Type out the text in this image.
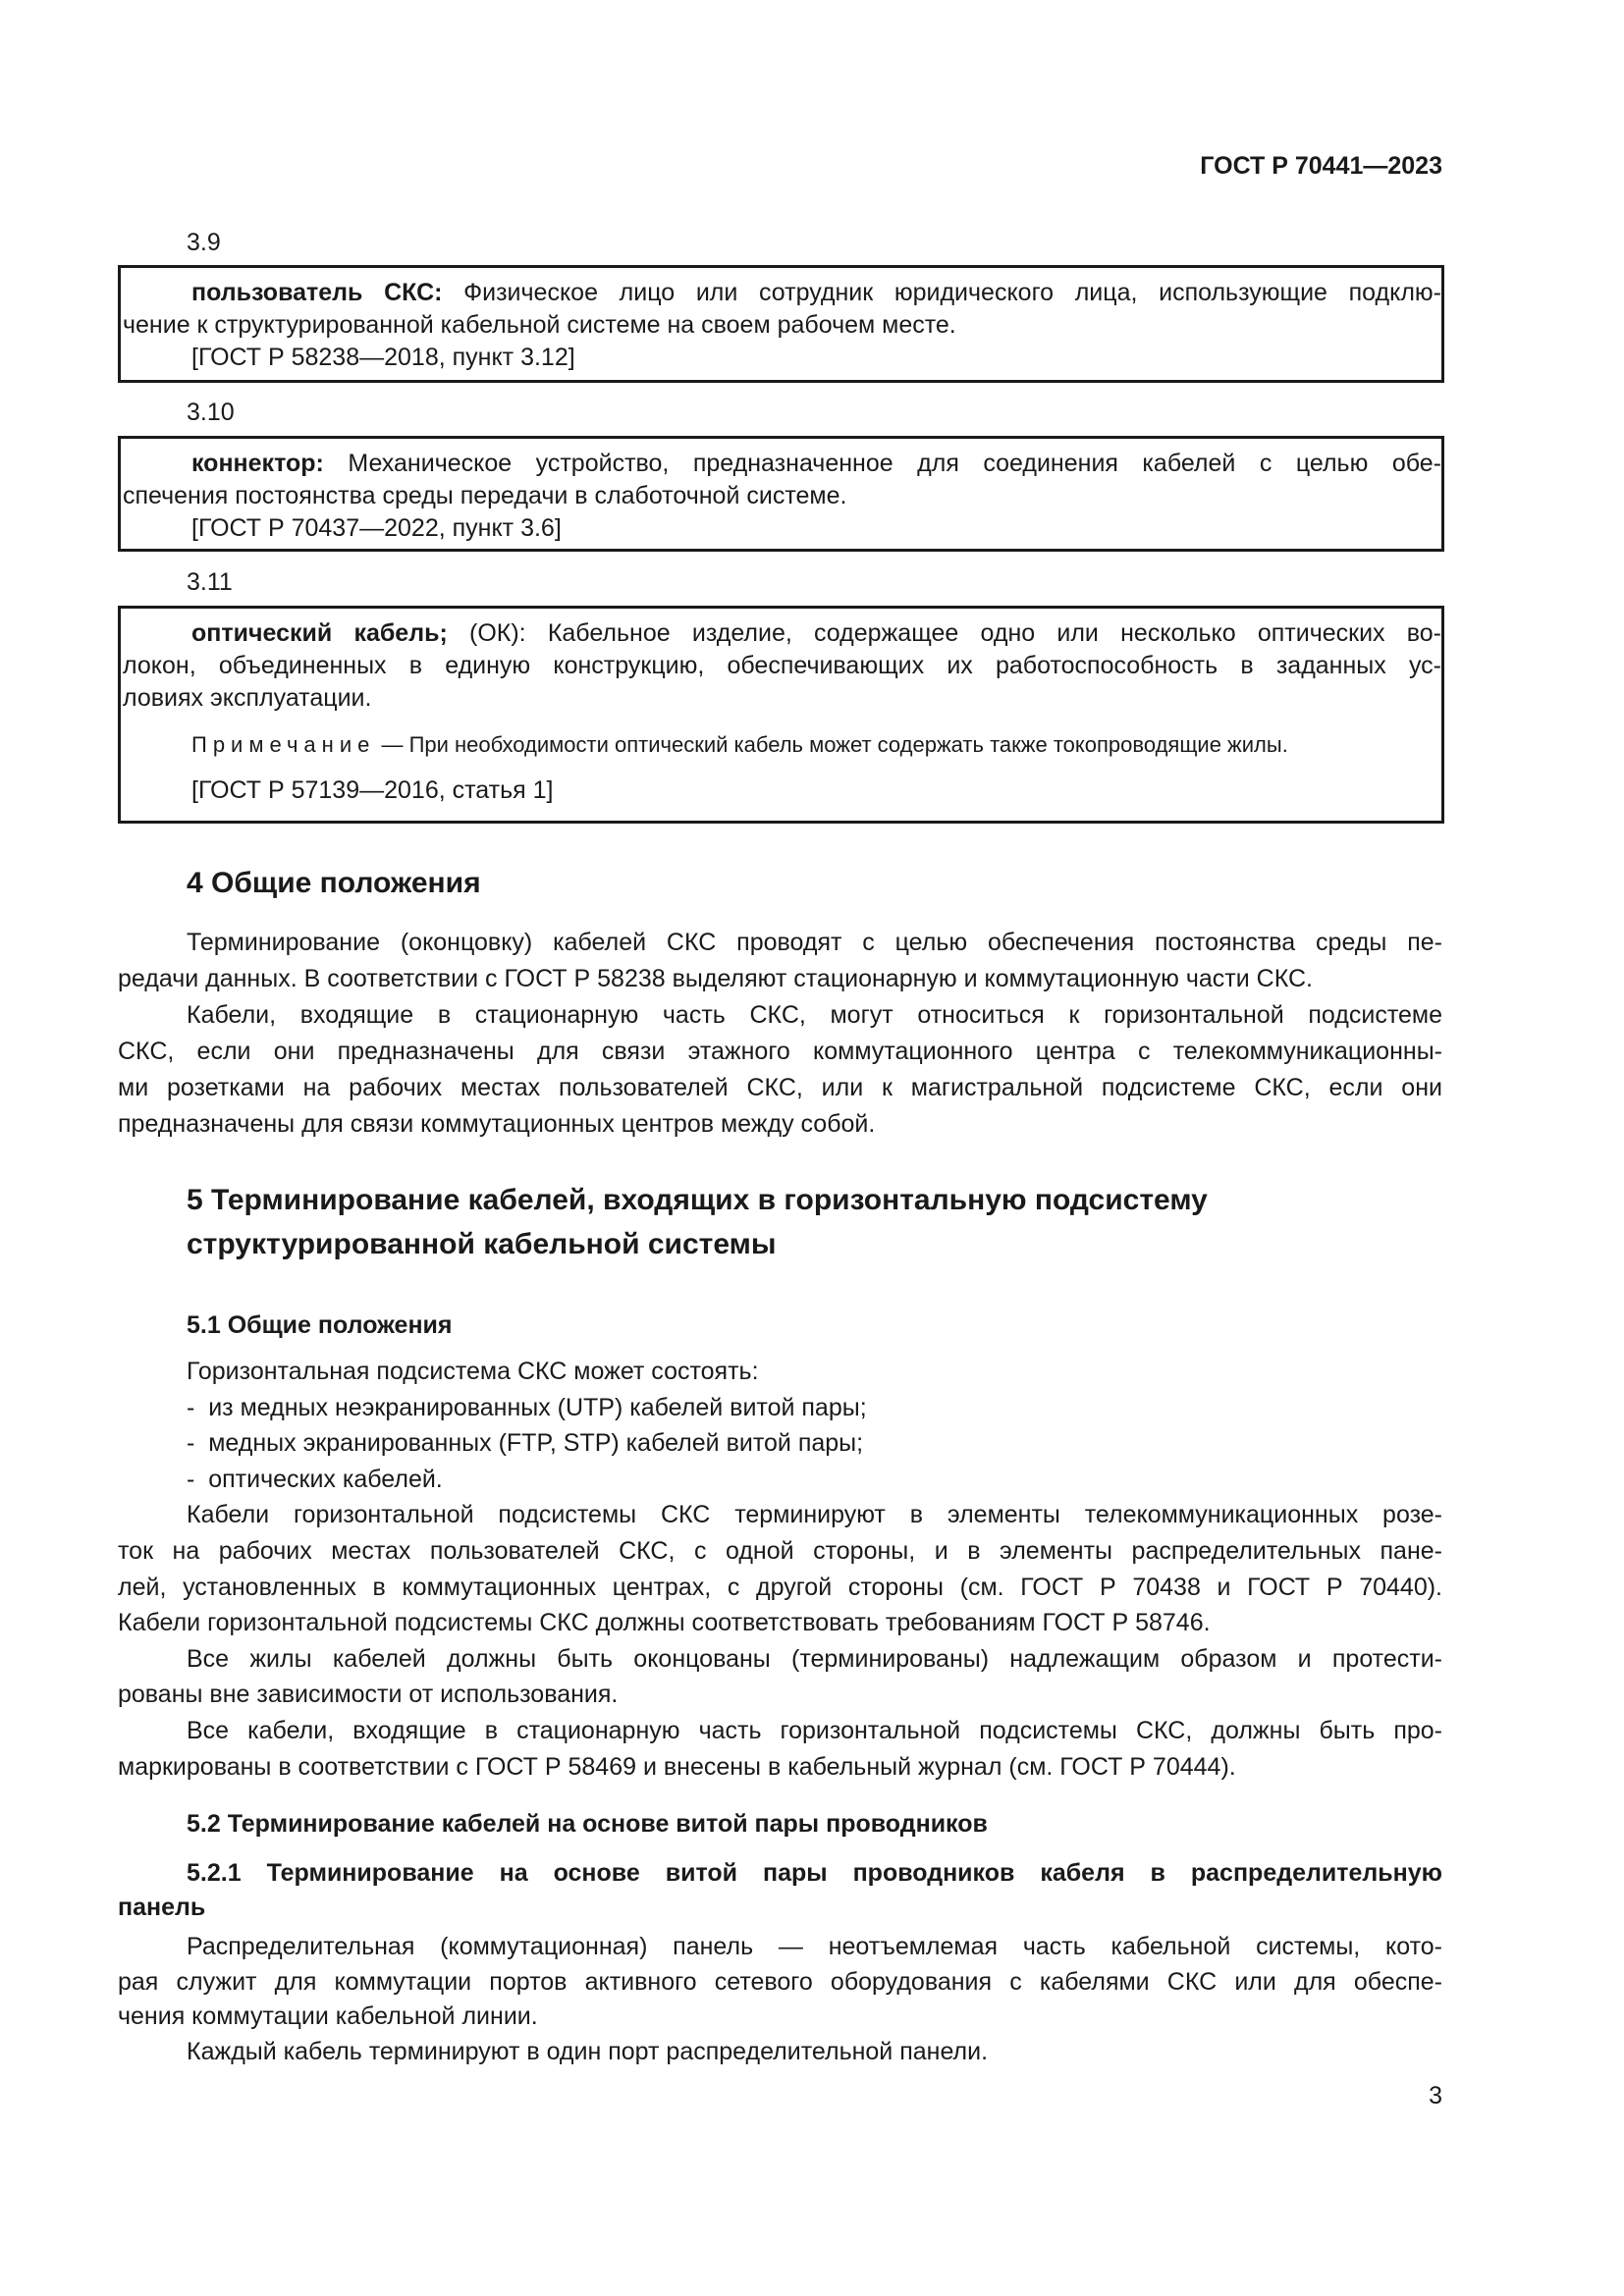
ГОСТ Р 70441—2023
3.9
пользователь СКС: Физическое лицо или сотрудник юридического лица, использующие подклю-
чение к структурированной кабельной системе на своем рабочем месте.
[ГОСТ Р 58238—2018, пункт 3.12]
3.10
коннектор: Механическое устройство, предназначенное для соединения кабелей с целью обе-
спечения постоянства среды передачи в слаботочной системе.
[ГОСТ Р 70437—2022, пункт 3.6]
3.11
оптический кабель; (ОК): Кабельное изделие, содержащее одно или несколько оптических во-
локон, объединенных в единую конструкцию, обеспечивающих их работоспособность в заданных ус-
ловиях эксплуатации.
Примечание — При необходимости оптический кабель может содержать также токопроводящие жилы.
[ГОСТ Р 57139—2016, статья 1]
4 Общие положения
Терминирование (оконцовку) кабелей СКС проводят с целью обеспечения постоянства среды пе-
редачи данных. В соответствии с ГОСТ Р 58238 выделяют стационарную и коммутационную части СКС.
Кабели, входящие в стационарную часть СКС, могут относиться к горизонтальной подсистеме
СКС, если они предназначены для связи этажного коммутационного центра с телекоммуникационны-
ми розетками на рабочих местах пользователей СКС, или к магистральной подсистеме СКС, если они
предназначены для связи коммутационных центров между собой.
5 Терминирование кабелей, входящих в горизонтальную подсистему
структурированной кабельной системы
5.1 Общие положения
Горизонтальная подсистема СКС может состоять:
-  из медных неэкранированных (UTP) кабелей витой пары;
-  медных экранированных (FTP, STP) кабелей витой пары;
-  оптических кабелей.
Кабели горизонтальной подсистемы СКС терминируют в элементы телекоммуникационных розе-
ток на рабочих местах пользователей СКС, с одной стороны, и в элементы распределительных пане-
лей, установленных в коммутационных центрах, с другой стороны (см. ГОСТ Р 70438 и ГОСТ Р 70440).
Кабели горизонтальной подсистемы СКС должны соответствовать требованиям ГОСТ Р 58746.
Все жилы кабелей должны быть оконцованы (терминированы) надлежащим образом и протести-
рованы вне зависимости от использования.
Все кабели, входящие в стационарную часть горизонтальной подсистемы СКС, должны быть про-
маркированы в соответствии с ГОСТ Р 58469 и внесены в кабельный журнал (см. ГОСТ Р 70444).
5.2 Терминирование кабелей на основе витой пары проводников
5.2.1 Терминирование на основе витой пары проводников кабеля в распределительную
панель
Распределительная (коммутационная) панель — неотъемлемая часть кабельной системы, кото-
рая служит для коммутации портов активного сетевого оборудования с кабелями СКС или для обеспе-
чения коммутации кабельной линии.
Каждый кабель терминируют в один порт распределительной панели.
3
